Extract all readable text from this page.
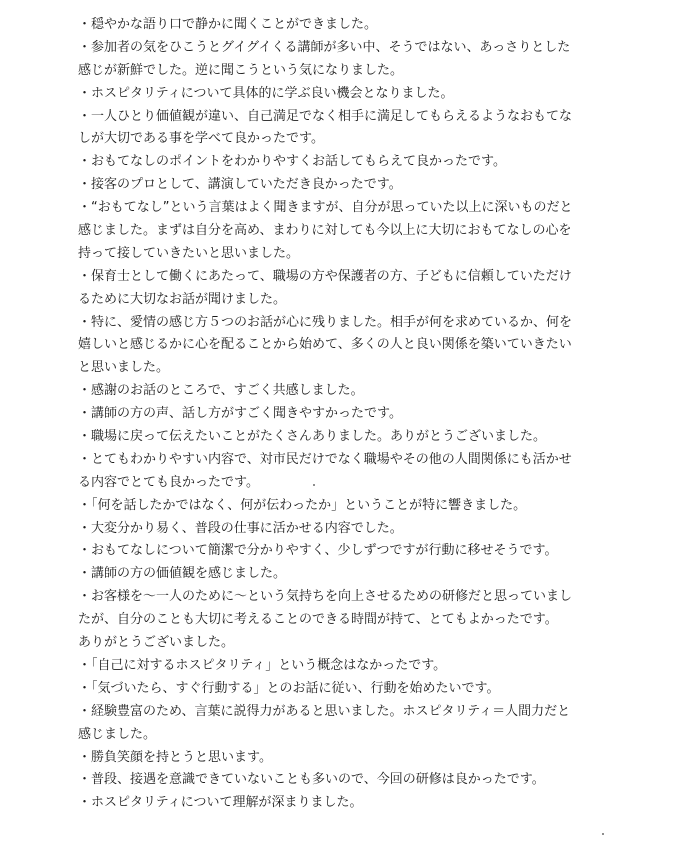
・穏やかな語り口で静かに聞くことができました。
・参加者の気をひこうとグイグイくる講師が多い中、そうではない、あっさりとした
感じが新鮮でした。逆に聞こうという気になりました。
・ホスピタリティについて具体的に学ぶ良い機会となりました。
・一人ひとり価値観が違い、自己満足でなく相手に満足してもらえるようなおもてな
しが大切である事を学べて良かったです。
・おもてなしのポイントをわかりやすくお話してもらえて良かったです。
・接客のプロとして、講演していただき良かったです。
・“おもてなし”という言葉はよく聞きますが、自分が思っていた以上に深いものだと
感じました。まずは自分を高め、まわりに対しても今以上に大切におもてなしの心を
持って接していきたいと思いました。
・保育士として働くにあたって、職場の方や保護者の方、子どもに信頼していただけ
るために大切なお話が聞けました。
・特に、愛情の感じ方５つのお話が心に残りました。相手が何を求めているか、何を
嬉しいと感じるかに心を配ることから始めて、多くの人と良い関係を築いていきたい
と思いました。
・感謝のお話のところで、すごく共感しました。
・講師の方の声、話し方がすごく聞きやすかったです。
・職場に戻って伝えたいことがたくさんありました。ありがとうございました。
・とてもわかりやすい内容で、対市民だけでなく職場やその他の人間関係にも活かせ
る内容でとても良かったです。
・「何を話したかではなく、何が伝わったか」ということが特に響きました。
・大変分かり易く、普段の仕事に活かせる内容でした。
・おもてなしについて簡潔で分かりやすく、少しずつですが行動に移せそうです。
・講師の方の価値観を感じました。
・お客様を～一人のために～という気持ちを向上させるための研修だと思っていまし
たが、自分のことも大切に考えることのできる時間が持て、とてもよかったです。
ありがとうございました。
・「自己に対するホスピタリティ」という概念はなかったです。
・「気づいたら、すぐ行動する」とのお話に従い、行動を始めたいです。
・経験豊富のため、言葉に説得力があると思いました。ホスピタリティ＝人間力だと
感じました。
・勝負笑顔を持とうと思います。
・普段、接遇を意識できていないことも多いので、今回の研修は良かったです。
・ホスピタリティについて理解が深まりました。
